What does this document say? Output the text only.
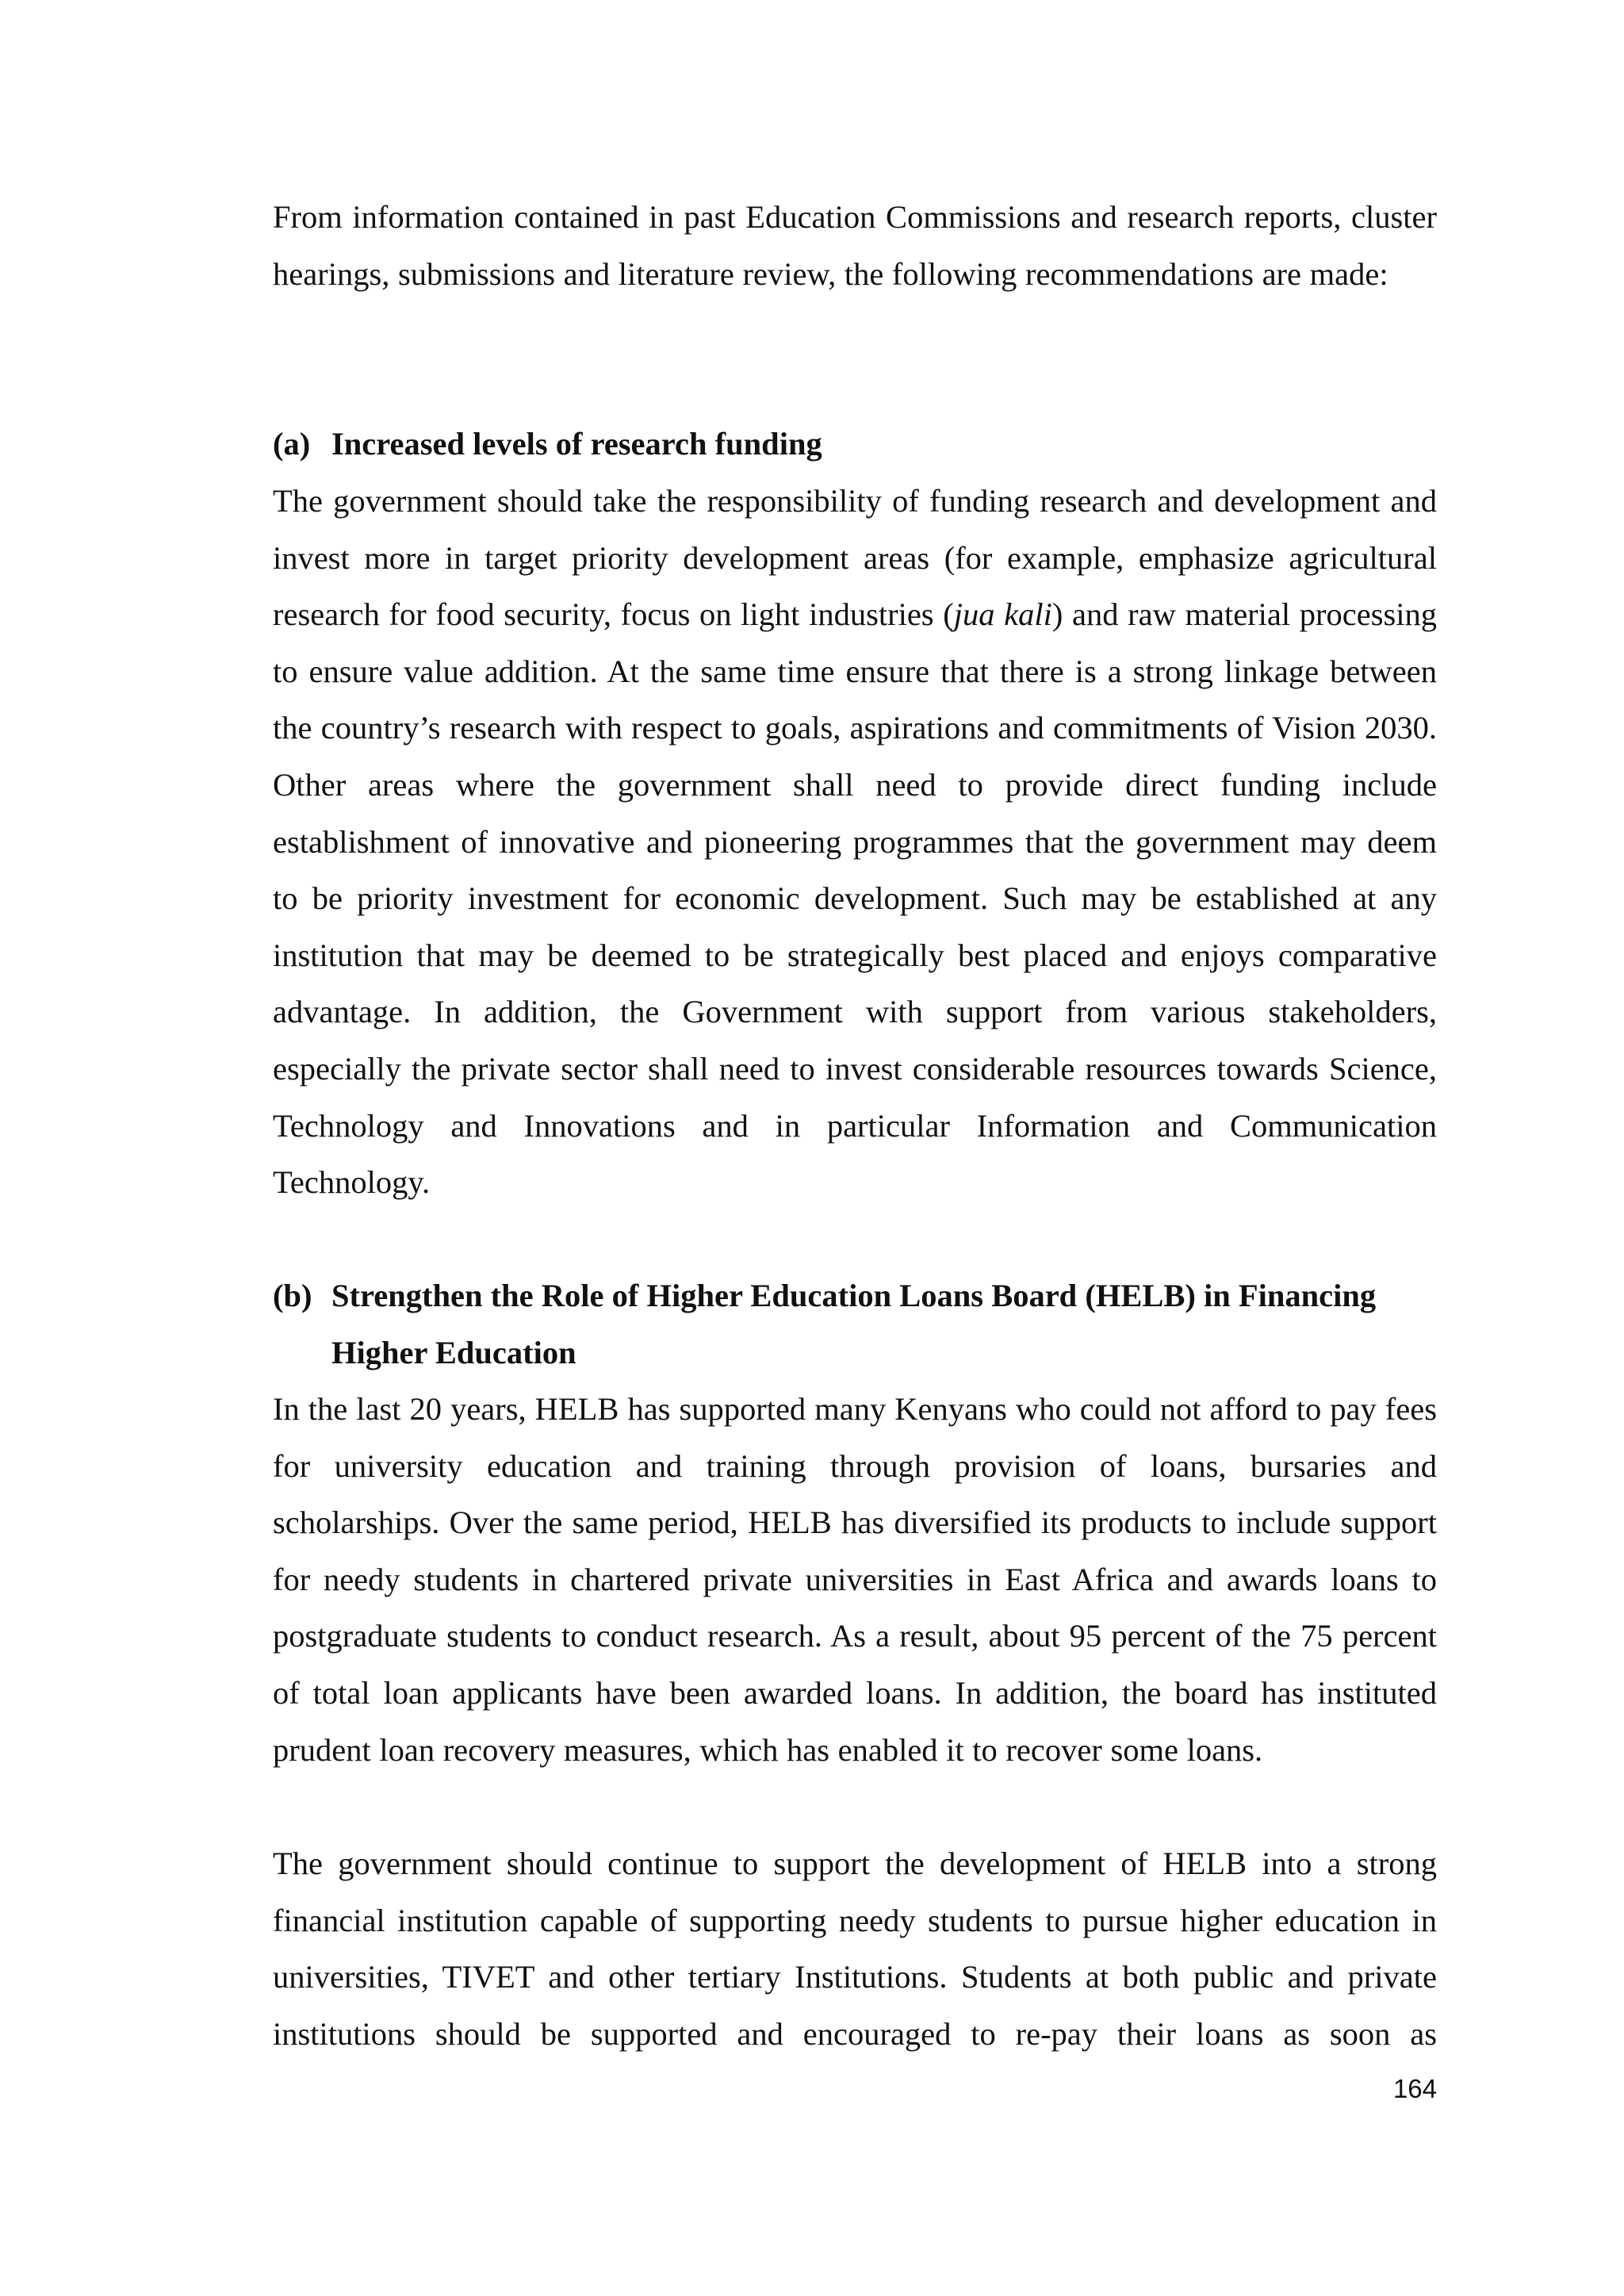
From information contained in past Education Commissions and research reports, cluster hearings, submissions and literature review, the following recommendations are made:

(a) Increased levels of research funding

The government should take the responsibility of funding research and development and invest more in target priority development areas (for example, emphasize agricultural research for food security, focus on light industries (jua kali) and raw material processing to ensure value addition. At the same time ensure that there is a strong linkage between the country’s research with respect to goals, aspirations and commitments of Vision 2030. Other areas where the government shall need to provide direct funding include establishment of innovative and pioneering programmes that the government may deem to be priority investment for economic development. Such may be established at any institution that may be deemed to be strategically best placed and enjoys comparative advantage. In addition, the Government with support from various stakeholders, especially the private sector shall need to invest considerable resources towards Science, Technology and Innovations and in particular Information and Communication Technology.

(b) Strengthen the Role of Higher Education Loans Board (HELB) in Financing Higher Education

In the last 20 years, HELB has supported many Kenyans who could not afford to pay fees for university education and training through provision of loans, bursaries and scholarships. Over the same period, HELB has diversified its products to include support for needy students in chartered private universities in East Africa and awards loans to postgraduate students to conduct research. As a result, about 95 percent of the 75 percent of total loan applicants have been awarded loans. In addition, the board has instituted prudent loan recovery measures, which has enabled it to recover some loans.

The government should continue to support the development of HELB into a strong financial institution capable of supporting needy students to pursue higher education in universities, TIVET and other tertiary Institutions. Students at both public and private institutions should be supported and encouraged to re-pay their loans as soon as

164
